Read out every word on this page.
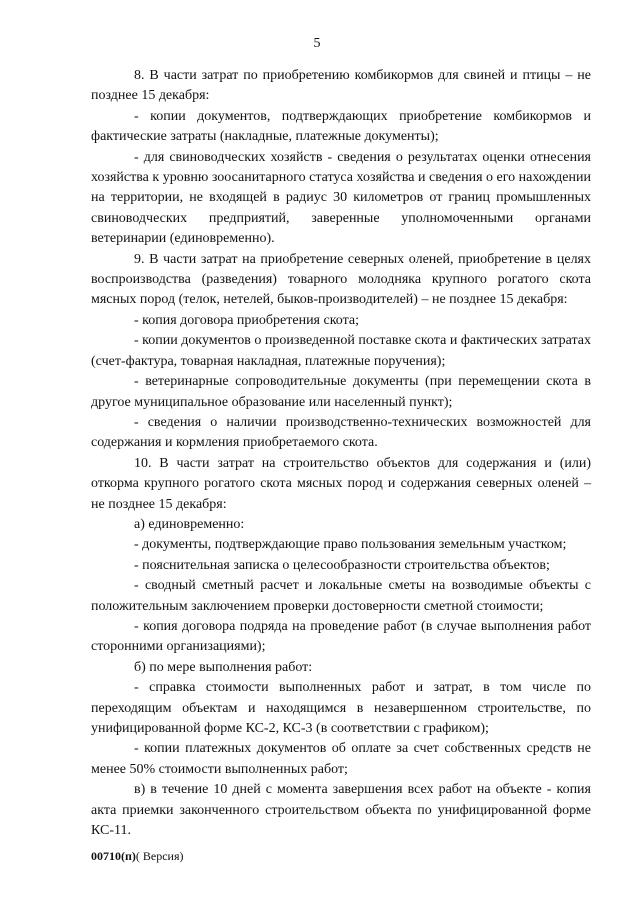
5

8. В части затрат по приобретению комбикормов для свиней и птицы – не позднее 15 декабря:

- копии документов, подтверждающих приобретение комбикормов и фактические затраты (накладные, платежные документы);

- для свиноводческих хозяйств - сведения о результатах оценки отнесения хозяйства к уровню зоосанитарного статуса хозяйства и сведения о его нахождении на территории, не входящей в радиус 30 километров от границ промышленных свиноводческих предприятий, заверенные уполномоченными органами ветеринарии (единовременно).

9. В части затрат на приобретение северных оленей, приобретение в целях воспроизводства (разведения) товарного молодняка крупного рогатого скота мясных пород (телок, нетелей, быков-производителей) – не позднее 15 декабря:

- копия договора приобретения скота;

- копии документов о произведенной поставке скота и фактических затратах (счет-фактура, товарная накладная, платежные поручения);

- ветеринарные сопроводительные документы (при перемещении скота в другое муниципальное образование или населенный пункт);

- сведения о наличии производственно-технических возможностей для содержания и кормления приобретаемого скота.

10. В части затрат на строительство объектов для содержания и (или) откорма крупного рогатого скота мясных пород и содержания северных оленей – не позднее 15 декабря:

а) единовременно:

- документы, подтверждающие право пользования земельным участком;

- пояснительная записка о целесообразности строительства объектов;

- сводный сметный расчет и локальные сметы на возводимые объекты с положительным заключением проверки достоверности сметной стоимости;

- копия договора подряда на проведение работ (в случае выполнения работ сторонними организациями);

б) по мере выполнения работ:

- справка стоимости выполненных работ и затрат, в том числе по переходящим объектам и находящимся в незавершенном строительстве, по унифицированной форме КС-2, КС-3 (в соответствии с графиком);

- копии платежных документов об оплате за счет собственных средств не менее 50% стоимости выполненных работ;

в) в течение 10 дней с момента завершения всех работ на объекте - копия акта приемки законченного строительством объекта по унифицированной форме КС-11.

00710(п)( Версия)
